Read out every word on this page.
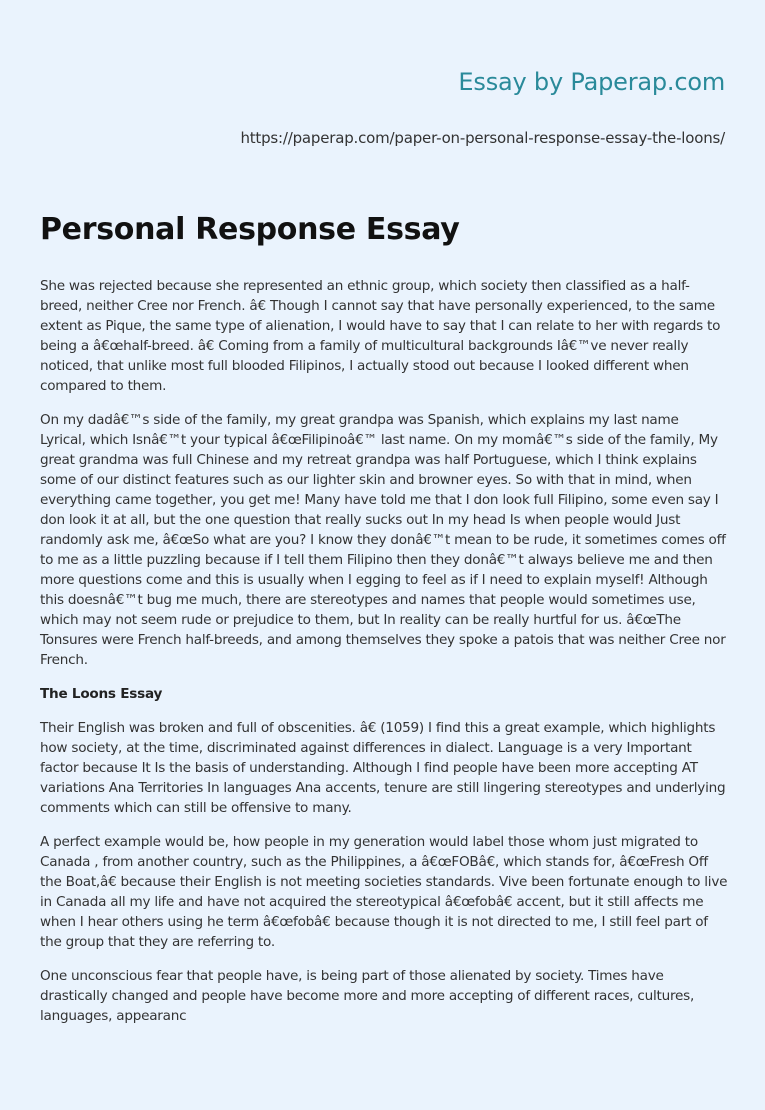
Essay by Paperap.com

https://paperap.com/paper-on-personal-response-essay-the-loons/

Personal Response Essay

She was rejected because she represented an ethnic group, which society then classified as a half-breed, neither Cree nor French. â€ Though I cannot say that have personally experienced, to the same extent as Pique, the same type of alienation, I would have to say that I can relate to her with regards to being a â€œhalf-breed. â€ Coming from a family of multicultural backgrounds Iâ€™ve never really noticed, that unlike most full blooded Filipinos, I actually stood out because I looked different when compared to them.

On my dadâ€™s side of the family, my great grandpa was Spanish, which explains my last name Lyrical, which Isnâ€™t your typical â€œFilipinoâ€™ last name. On my momâ€™s side of the family, My great grandma was full Chinese and my retreat grandpa was half Portuguese, which I think explains some of our distinct features such as our lighter skin and browner eyes. So with that in mind, when everything came together, you get me! Many have told me that I don look full Filipino, some even say I don look it at all, but the one question that really sucks out In my head Is when people would Just randomly ask me, â€œSo what are you? I know they donâ€™t mean to be rude, it sometimes comes off to me as a little puzzling because if I tell them Filipino then they donâ€™t always believe me and then more questions come and this is usually when I egging to feel as if I need to explain myself! Although this doesnâ€™t bug me much, there are stereotypes and names that people would sometimes use, which may not seem rude or prejudice to them, but In reality can be really hurtful for us. â€œThe Tonsures were French half-breeds, and among themselves they spoke a patois that was neither Cree nor French.

The Loons Essay

Their English was broken and full of obscenities. â€ (1059) I find this a great example, which highlights how society, at the time, discriminated against differences in dialect. Language is a very Important factor because It Is the basis of understanding. Although I find people have been more accepting AT variations Ana Territories In languages Ana accents, tenure are still lingering stereotypes and underlying comments which can still be offensive to many.

A perfect example would be, how people in my generation would label those whom just migrated to Canada , from another country, such as the Philippines, a â€œFOBâ€, which stands for, â€œFresh Off the Boat,â€ because their English is not meeting societies standards. Vive been fortunate enough to live in Canada all my life and have not acquired the stereotypical â€œfobâ€ accent, but it still affects me when I hear others using he term â€œfobâ€ because though it is not directed to me, I still feel part of the group that they are referring to.

One unconscious fear that people have, is being part of those alienated by society. Times have drastically changed and people have become more and more accepting of different races, cultures, languages, appearanc
